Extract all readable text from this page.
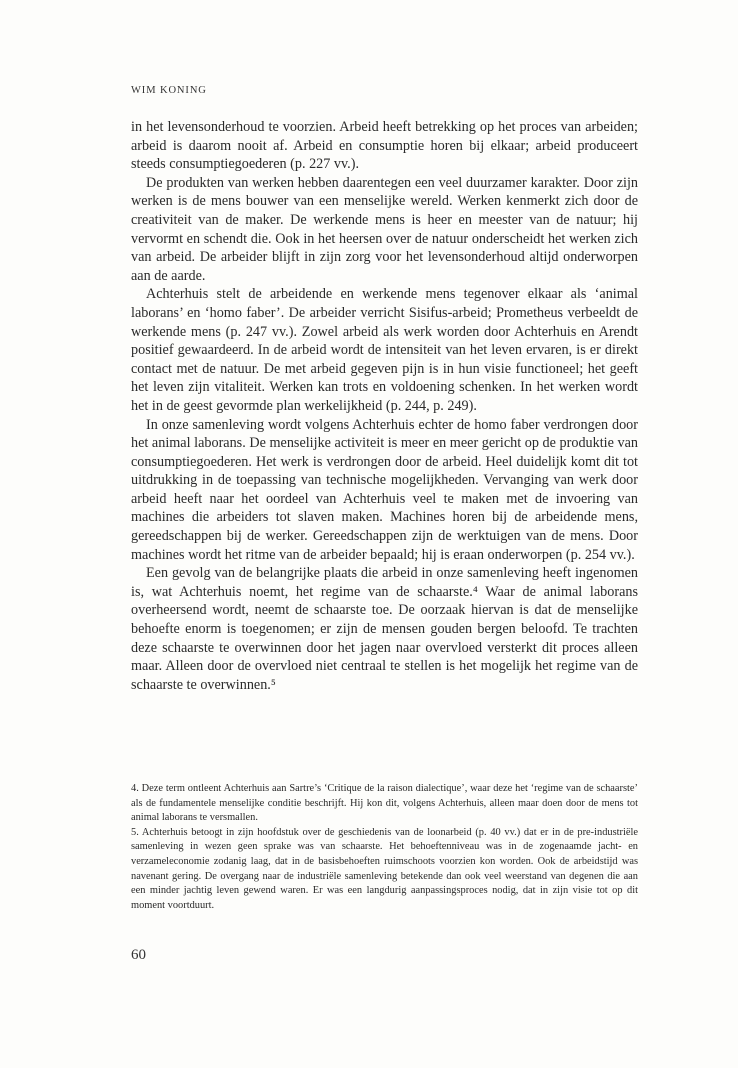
WIM KONING

in het levensonderhoud te voorzien. Arbeid heeft betrekking op het proces van arbeiden; arbeid is daarom nooit af. Arbeid en consumptie horen bij elkaar; arbeid produceert steeds consumptiegoederen (p. 227 vv.).

De produkten van werken hebben daarentegen een veel duurzamer karakter. Door zijn werken is de mens bouwer van een menselijke wereld. Werken kenmerkt zich door de creativiteit van de maker. De werkende mens is heer en meester van de natuur; hij vervormt en schendt die. Ook in het heersen over de natuur onderscheidt het werken zich van arbeid. De arbeider blijft in zijn zorg voor het levensonderhoud altijd onderworpen aan de aarde.

Achterhuis stelt de arbeidende en werkende mens tegenover elkaar als ‘animal laborans’ en ‘homo faber’. De arbeider verricht Sisifus-arbeid; Prometheus verbeeldt de werkende mens (p. 247 vv.). Zowel arbeid als werk worden door Achterhuis en Arendt positief gewaardeerd. In de arbeid wordt de intensiteit van het leven ervaren, is er direkt contact met de natuur. De met arbeid gegeven pijn is in hun visie functioneel; het geeft het leven zijn vitaliteit. Werken kan trots en voldoening schenken. In het werken wordt het in de geest gevormde plan werkelijkheid (p. 244, p. 249).

In onze samenleving wordt volgens Achterhuis echter de homo faber verdrongen door het animal laborans. De menselijke activiteit is meer en meer gericht op de produktie van consumptiegoederen. Het werk is verdrongen door de arbeid. Heel duidelijk komt dit tot uitdrukking in de toepassing van technische mogelijkheden. Vervanging van werk door arbeid heeft naar het oordeel van Achterhuis veel te maken met de invoering van machines die arbeiders tot slaven maken. Machines horen bij de arbeidende mens, gereedschappen bij de werker. Gereedschappen zijn de werktuigen van de mens. Door machines wordt het ritme van de arbeider bepaald; hij is eraan onderworpen (p. 254 vv.).

Een gevolg van de belangrijke plaats die arbeid in onze samenleving heeft ingenomen is, wat Achterhuis noemt, het regime van de schaarste.⁴ Waar de animal laborans overheersend wordt, neemt de schaarste toe. De oorzaak hiervan is dat de menselijke behoefte enorm is toegenomen; er zijn de mensen gouden bergen beloofd. Te trachten deze schaarste te overwinnen door het jagen naar overvloed versterkt dit proces alleen maar. Alleen door de overvloed niet centraal te stellen is het mogelijk het regime van de schaarste te overwinnen.⁵

4. Deze term ontleent Achterhuis aan Sartre’s ‘Critique de la raison dialectique’, waar deze het ‘regime van de schaarste’ als de fundamentele menselijke conditie beschrijft. Hij kon dit, volgens Achterhuis, alleen maar doen door de mens tot animal laborans te versmallen.

5. Achterhuis betoogt in zijn hoofdstuk over de geschiedenis van de loonarbeid (p. 40 vv.) dat er in de pre-industriële samenleving in wezen geen sprake was van schaarste. Het behoeftenniveau was in de zogenaamde jacht- en verzameleconomie zodanig laag, dat in de basisbehoeften ruimschoots voorzien kon worden. Ook de arbeidstijd was navenant gering. De overgang naar de industriële samenleving betekende dan ook veel weerstand van degenen die aan een minder jachtig leven gewend waren. Er was een langdurig aanpassingsproces nodig, dat in zijn visie tot op dit moment voortduurt.

60
